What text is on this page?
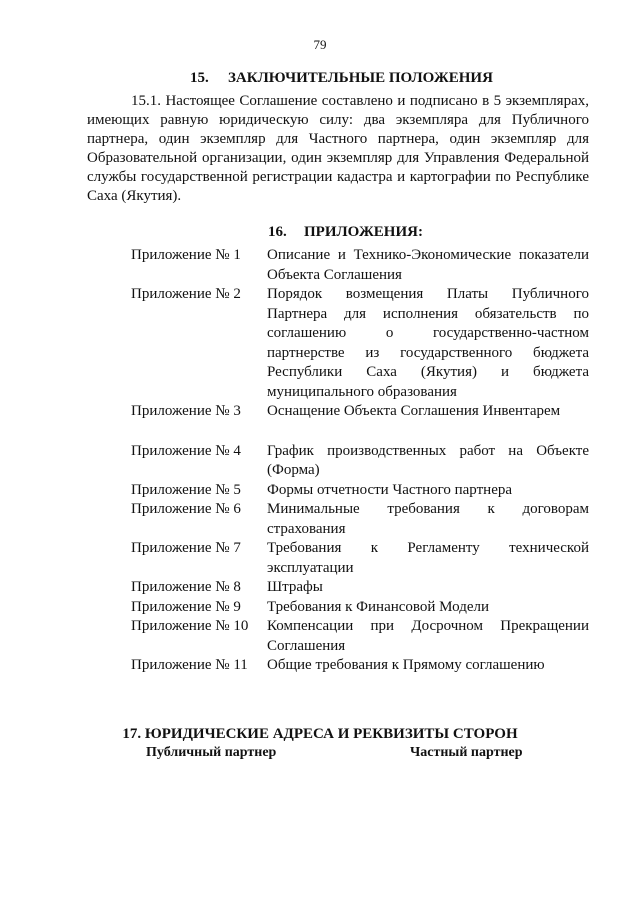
79
15. ЗАКЛЮЧИТЕЛЬНЫЕ ПОЛОЖЕНИЯ

15.1. Настоящее Соглашение составлено и подписано в 5 экземплярах, имеющих равную юридическую силу: два экземпляра для Публичного партнера, один экземпляр для Частного партнера, один экземпляр для Образовательной организации, один экземпляр для Управления Федеральной службы государственной регистрации кадастра и картографии по Республике Саха (Якутия).

16. ПРИЛОЖЕНИЯ:
Приложение № 1	Описание и Технико-Экономические показатели Объекта Соглашения
Приложение № 2	Порядок возмещения Платы Публичного Партнера для исполнения обязательств по соглашению о государственно-частном партнерстве из государственного бюджета Республики Саха (Якутия) и бюджета муниципального образования
Приложение № 3	Оснащение Объекта Соглашения Инвентарем
Приложение № 4	График производственных работ на Объекте (Форма)
Приложение № 5	Формы отчетности Частного партнера
Приложение № 6	Минимальные требования к договорам страхования
Приложение № 7	Требования к Регламенту технической эксплуатации
Приложение № 8	Штрафы
Приложение № 9	Требования к Финансовой Модели
Приложение № 10	Компенсации при Досрочном Прекращении Соглашения
Приложение № 11	Общие требования к Прямому соглашению
17. ЮРИДИЧЕСКИЕ АДРЕСА И РЕКВИЗИТЫ СТОРОН
Публичный партнер	Частный партнер
